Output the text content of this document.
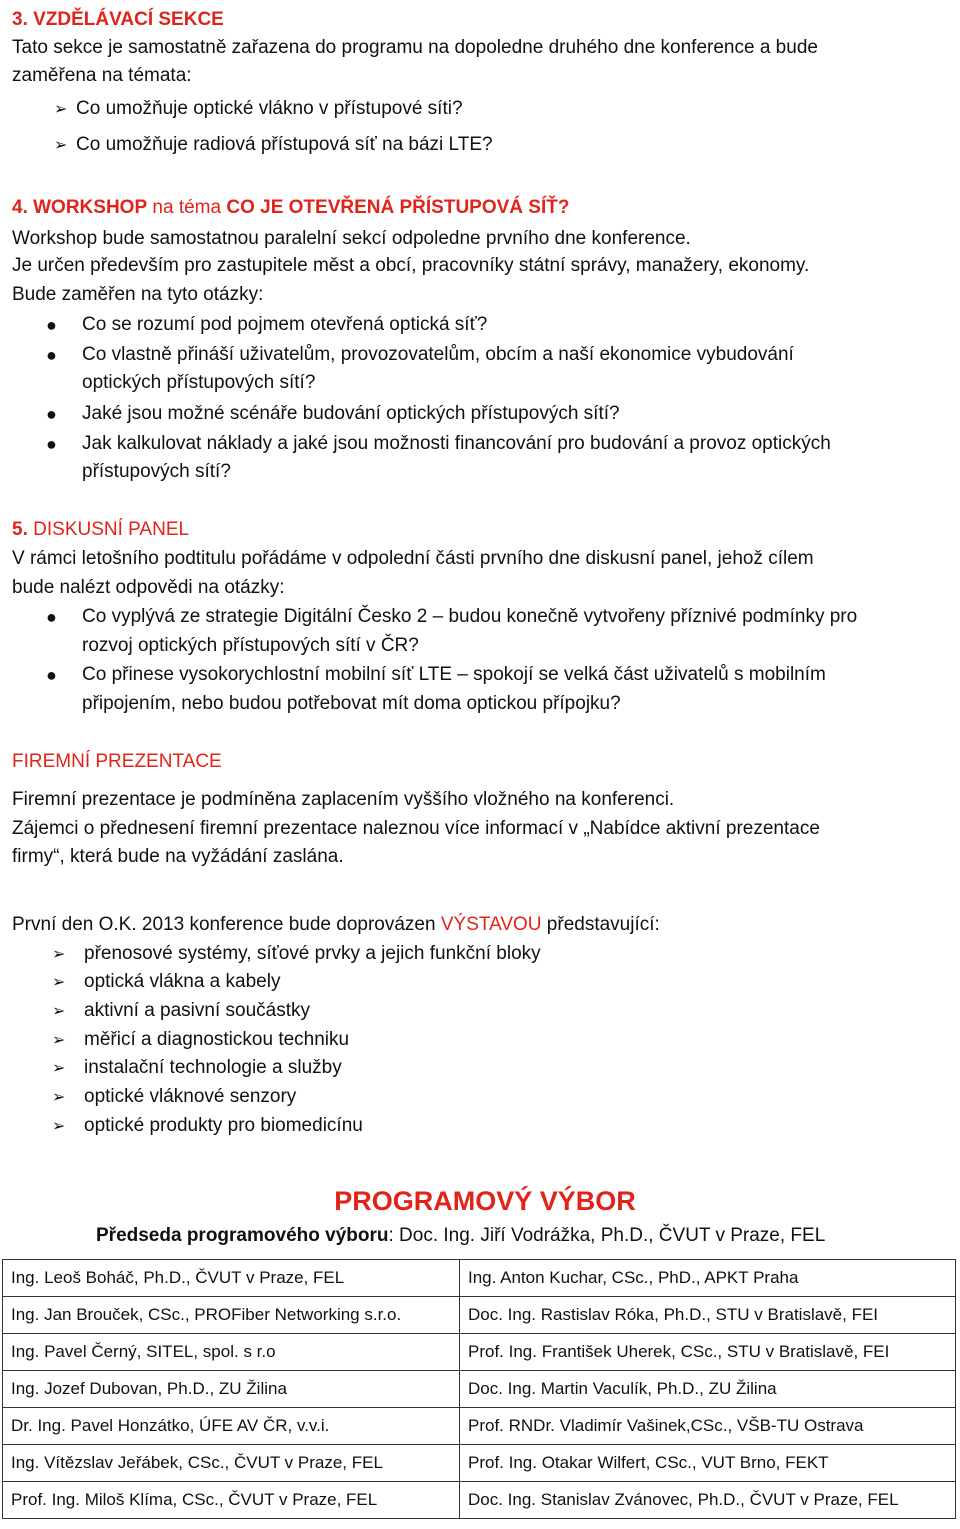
3. VZDĚLÁVACÍ SEKCE
Tato sekce je samostatně zařazena do programu na dopoledne druhého dne konference a bude
zaměřena na témata:
➢ Co umožňuje optické vlákno v přístupové síti?
➢ Co umožňuje radiová přístupová síť na bázi LTE?
4. WORKSHOP na téma CO JE OTEVŘENÁ PŘÍSTUPOVÁ SÍŤ?
Workshop bude samostatnou paralelní sekcí odpoledne prvního dne konference.
Je určen především pro zastupitele měst a obcí, pracovníky státní správy, manažery, ekonomy.
Bude zaměřen na tyto otázky:
● Co se rozumí pod pojmem otevřená optická síť?
● Co vlastně přináší uživatelům, provozovatelům, obcím a naší ekonomice vybudování
optických přístupových sítí?
● Jaké jsou možné scénáře budování optických přístupových sítí?
● Jak kalkulovat náklady a jaké jsou možnosti financování pro budování a provoz optických
přístupových sítí?
5. DISKUSNÍ PANEL
V rámci letošního podtitulu pořádáme v odpolední části prvního dne diskusní panel, jehož cílem
bude nalézt odpovědi na otázky:
● Co vyplývá ze strategie Digitální Česko 2 – budou konečně vytvořeny příznivé podmínky pro
rozvoj optických přístupových sítí v ČR?
● Co přinese vysokorychlostní mobilní síť LTE – spokojí se velká část uživatelů s mobilním
připojením, nebo budou potřebovat mít doma optickou přípojku?
FIREMNÍ PREZENTACE
Firemní prezentace je podmíněna zaplacením vyššího vložného na konferenci.
Zájemci o přednesení firemní prezentace naleznou více informací v „Nabídce aktivní prezentace
firmy“, která bude na vyžádání zaslána.
První den O.K. 2013 konference bude doprovázen VÝSTAVOU představující:
➢ přenosové systémy, síťové prvky a jejich funkční bloky
➢ optická vlákna a kabely
➢ aktivní a pasivní součástky
➢ měřicí a diagnostickou techniku
➢ instalační technologie a služby
➢ optické vláknové senzory
➢ optické produkty pro biomedicínu
PROGRAMOVÝ VÝBOR
Předseda programového výboru: Doc. Ing. Jiří Vodrážka, Ph.D., ČVUT v Praze, FEL
Ing. Leoš Boháč, Ph.D., ČVUT v Praze, FEL	Ing. Anton Kuchar, CSc., PhD., APKT Praha
Ing. Jan Brouček, CSc., PROFiber Networking s.r.o.	Doc. Ing. Rastislav Róka, Ph.D., STU v Bratislavě, FEI
Ing. Pavel Černý, SITEL, spol. s r.o	Prof. Ing. František Uherek, CSc., STU v Bratislavě, FEI
Ing. Jozef Dubovan, Ph.D., ZU Žilina	Doc. Ing. Martin Vaculík, Ph.D., ZU Žilina
Dr. Ing. Pavel Honzátko, ÚFE AV ČR, v.v.i.	Prof. RNDr. Vladimír Vašinek,CSc., VŠB-TU Ostrava
Ing. Vítězslav Jeřábek, CSc., ČVUT v Praze, FEL	Prof. Ing. Otakar Wilfert, CSc., VUT Brno, FEKT
Prof. Ing. Miloš Klíma, CSc., ČVUT v Praze, FEL	Doc. Ing. Stanislav Zvánovec, Ph.D., ČVUT v Praze, FEL
